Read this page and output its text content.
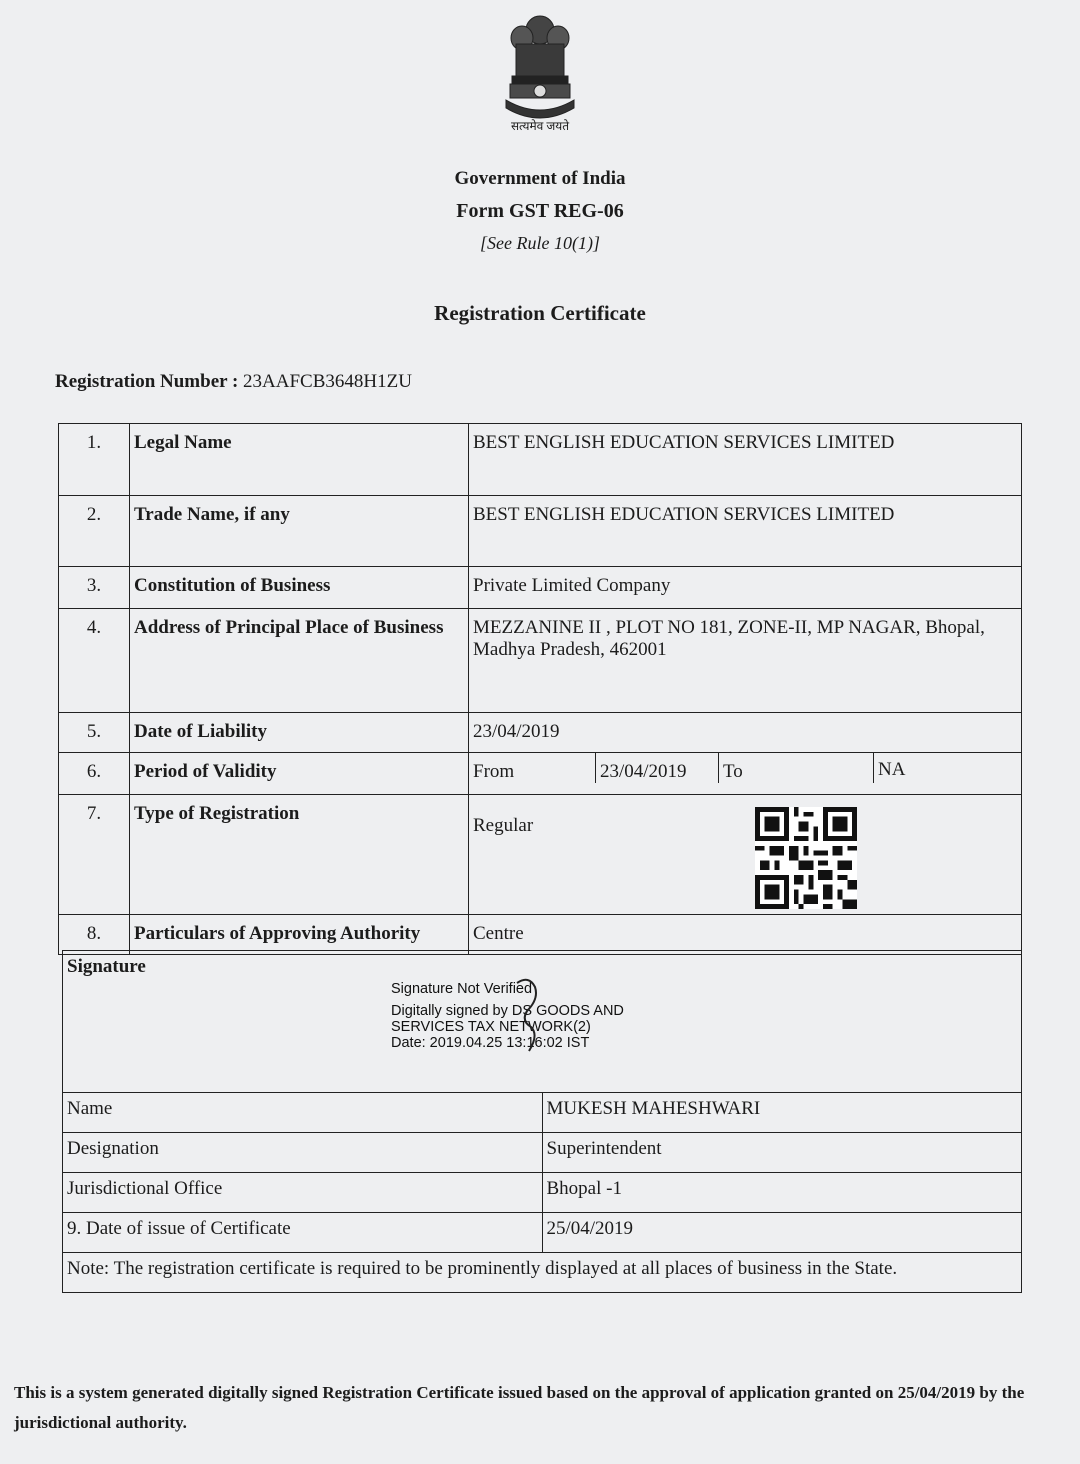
सत्यमेव जयते
Government of India
Form GST REG-06
[See Rule 10(1)]
Registration Certificate
Registration Number : 23AAFCB3648H1ZU
1.	Legal Name	BEST ENGLISH EDUCATION SERVICES LIMITED
2.	Trade Name, if any	BEST ENGLISH EDUCATION SERVICES LIMITED
3.	Constitution of Business	Private Limited Company
4.	Address of Principal Place of Business	MEZZANINE II , PLOT NO 181, ZONE-II, MP NAGAR, Bhopal, Madhya Pradesh, 462001
5.	Date of Liability	23/04/2019
6.	Period of Validity	From 23/04/2019 To NA

7.	Type of Registration	Regular

8.	Particulars of Approving Authority	Centre
Signature
Signature Not Verified
Digitally signed by DS GOODS AND
SERVICES TAX NETWORK(2)
Date: 2019.04.25 13:16:02 IST	

Name	MUKESH MAHESHWARI
Designation	Superintendent
Jurisdictional Office	Bhopal -1
9. Date of issue of Certificate	25/04/2019
Note: The registration certificate is required to be prominently displayed at all places of business in the State.	
This is a system generated digitally signed Registration Certificate issued based on the approval of application granted on 25/04/2019 by the jurisdictional authority.
